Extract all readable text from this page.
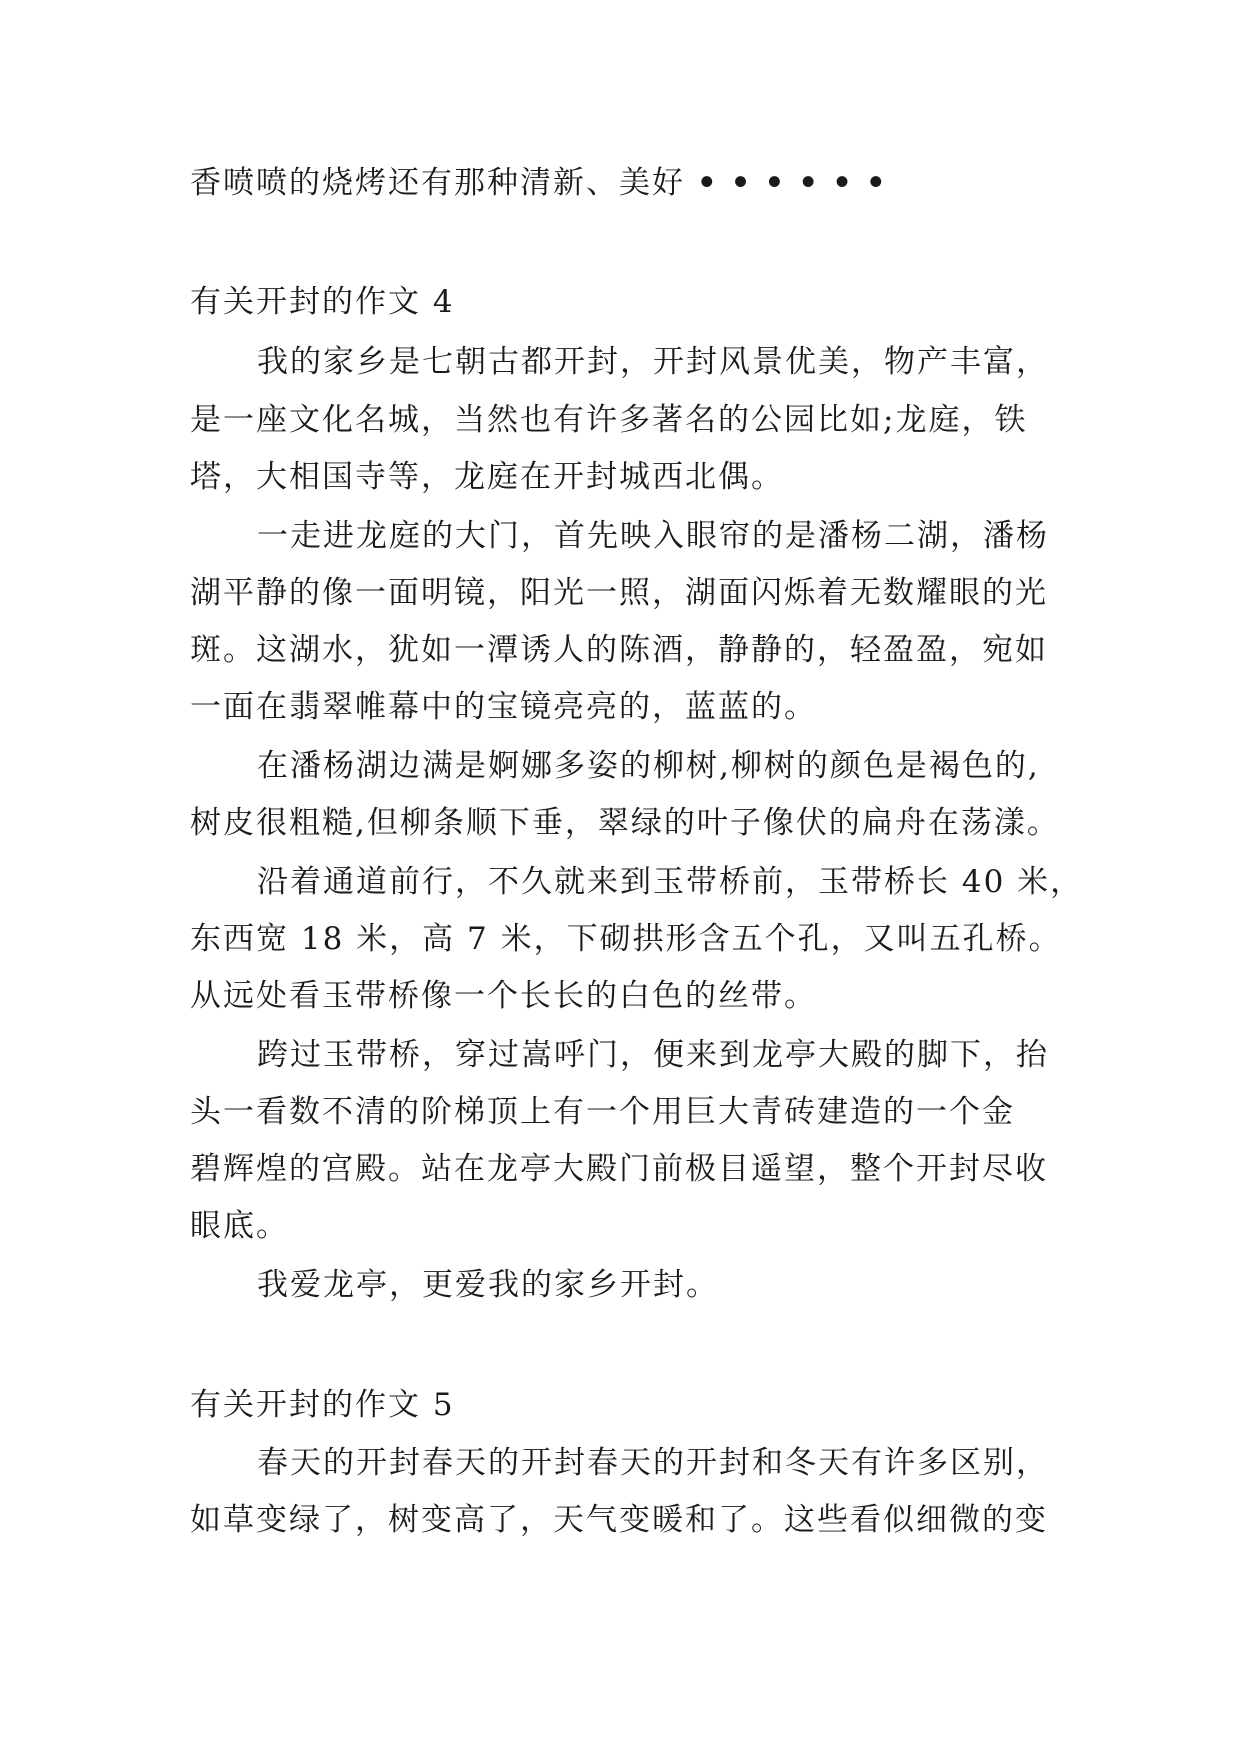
香喷喷的烧烤还有那种清新、美好 ••••••
有关开封的作文 4
我的家乡是七朝古都开封，开封风景优美，物产丰富，
是一座文化名城，当然也有许多著名的公园比如;龙庭，铁
塔，大相国寺等，龙庭在开封城西北偶。
一走进龙庭的大门，首先映入眼帘的是潘杨二湖，潘杨
湖平静的像一面明镜，阳光一照，湖面闪烁着无数耀眼的光
斑。这湖水，犹如一潭诱人的陈酒，静静的，轻盈盈，宛如
一面在翡翠帷幕中的宝镜亮亮的，蓝蓝的。
在潘杨湖边满是婀娜多姿的柳树,柳树的颜色是褐色的,
树皮很粗糙,但柳条顺下垂，翠绿的叶子像伏的扁舟在荡漾。
沿着通道前行，不久就来到玉带桥前，玉带桥长 40 米，
东西宽 18 米，高 7 米，下砌拱形含五个孔，又叫五孔桥。
从远处看玉带桥像一个长长的白色的丝带。
跨过玉带桥，穿过嵩呼门，便来到龙亭大殿的脚下，抬
头一看数不清的阶梯顶上有一个用巨大青砖建造的一个金
碧辉煌的宫殿。站在龙亭大殿门前极目遥望，整个开封尽收
眼底。
我爱龙亭，更爱我的家乡开封。
有关开封的作文 5
春天的开封春天的开封春天的开封和冬天有许多区别，
如草变绿了，树变高了，天气变暖和了。这些看似细微的变
